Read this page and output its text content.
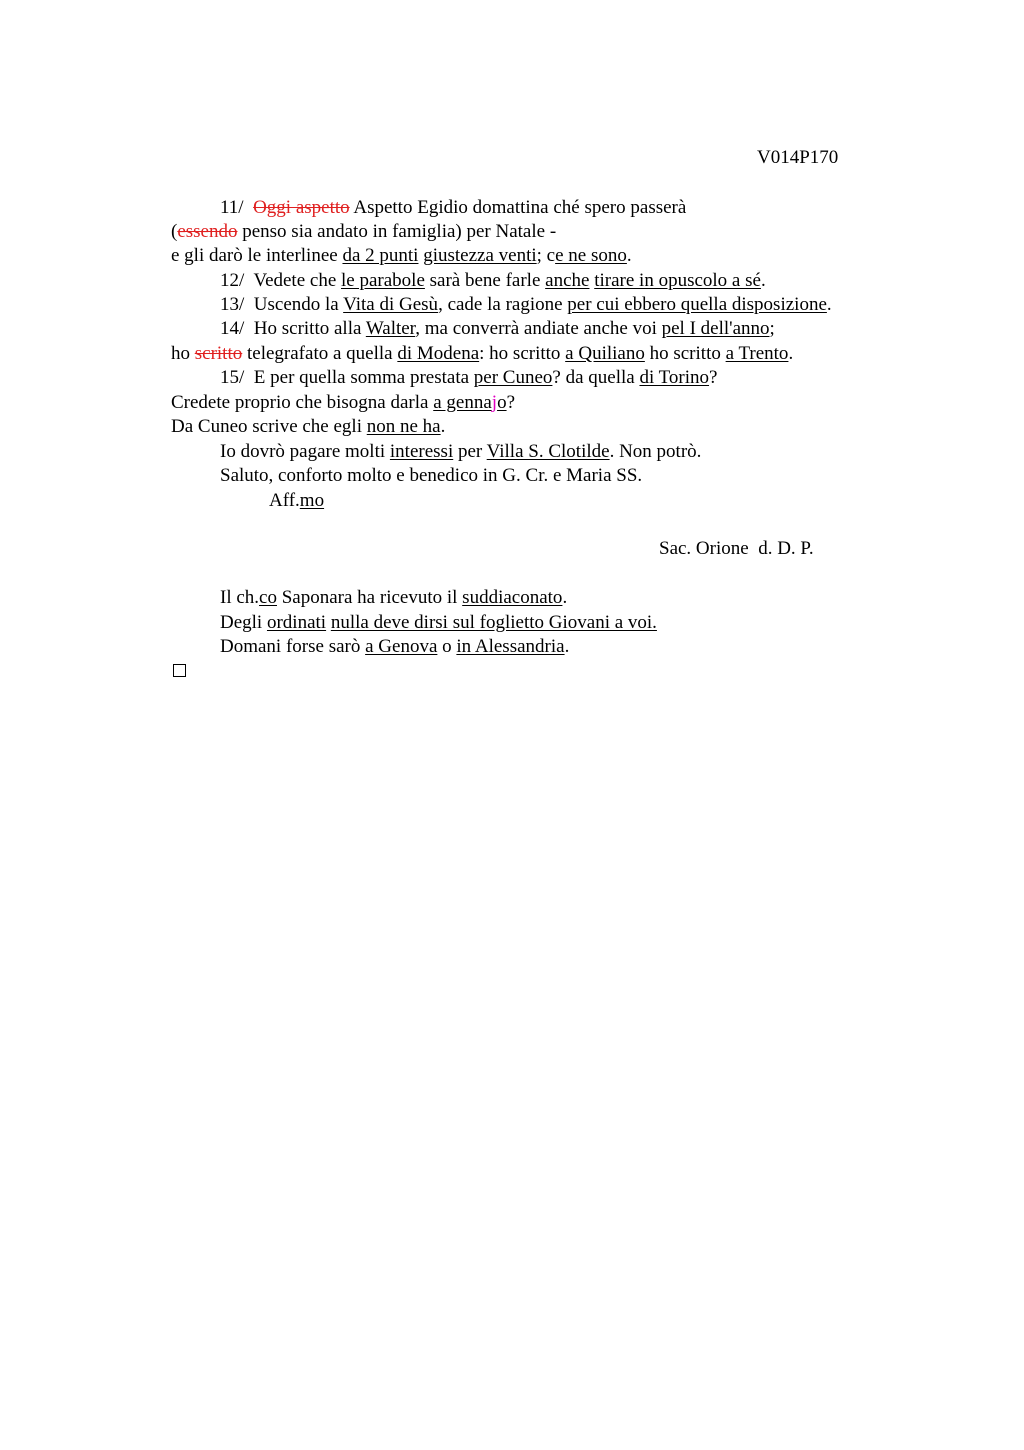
V014P170
11/ Oggi aspetto Aspetto Egidio domattina ché spero passerà
(essendo penso sia andato in famiglia) per Natale -
e gli darò le interlinee da 2 punti giustezza venti; ce ne sono.
12/ Vedete che le parabole sarà bene farle anche tirare in opuscolo a sé.
13/ Uscendo la Vita di Gesù, cade la ragione per cui ebbero quella disposizione.
14/ Ho scritto alla Walter, ma converrà andiate anche voi pel I dell'anno;
ho scritto telegrafato a quella di Modena: ho scritto a Quiliano ho scritto a Trento.
15/ E per quella somma prestata per Cuneo? da quella di Torino?
Credete proprio che bisogna darla a gennajo?
Da Cuneo scrive che egli non ne ha.
Io dovrò pagare molti interessi per Villa S. Clotilde. Non potrò.
Saluto, conforto molto e benedico in G. Cr. e Maria SS.
Aff.mo
Sac. Orione  d. D. P.
Il ch.co Saponara ha ricevuto il suddiaconato.
Degli ordinati nulla deve dirsi sul foglietto Giovani a voi.
Domani forse sarò a Genova o in Alessandria.
